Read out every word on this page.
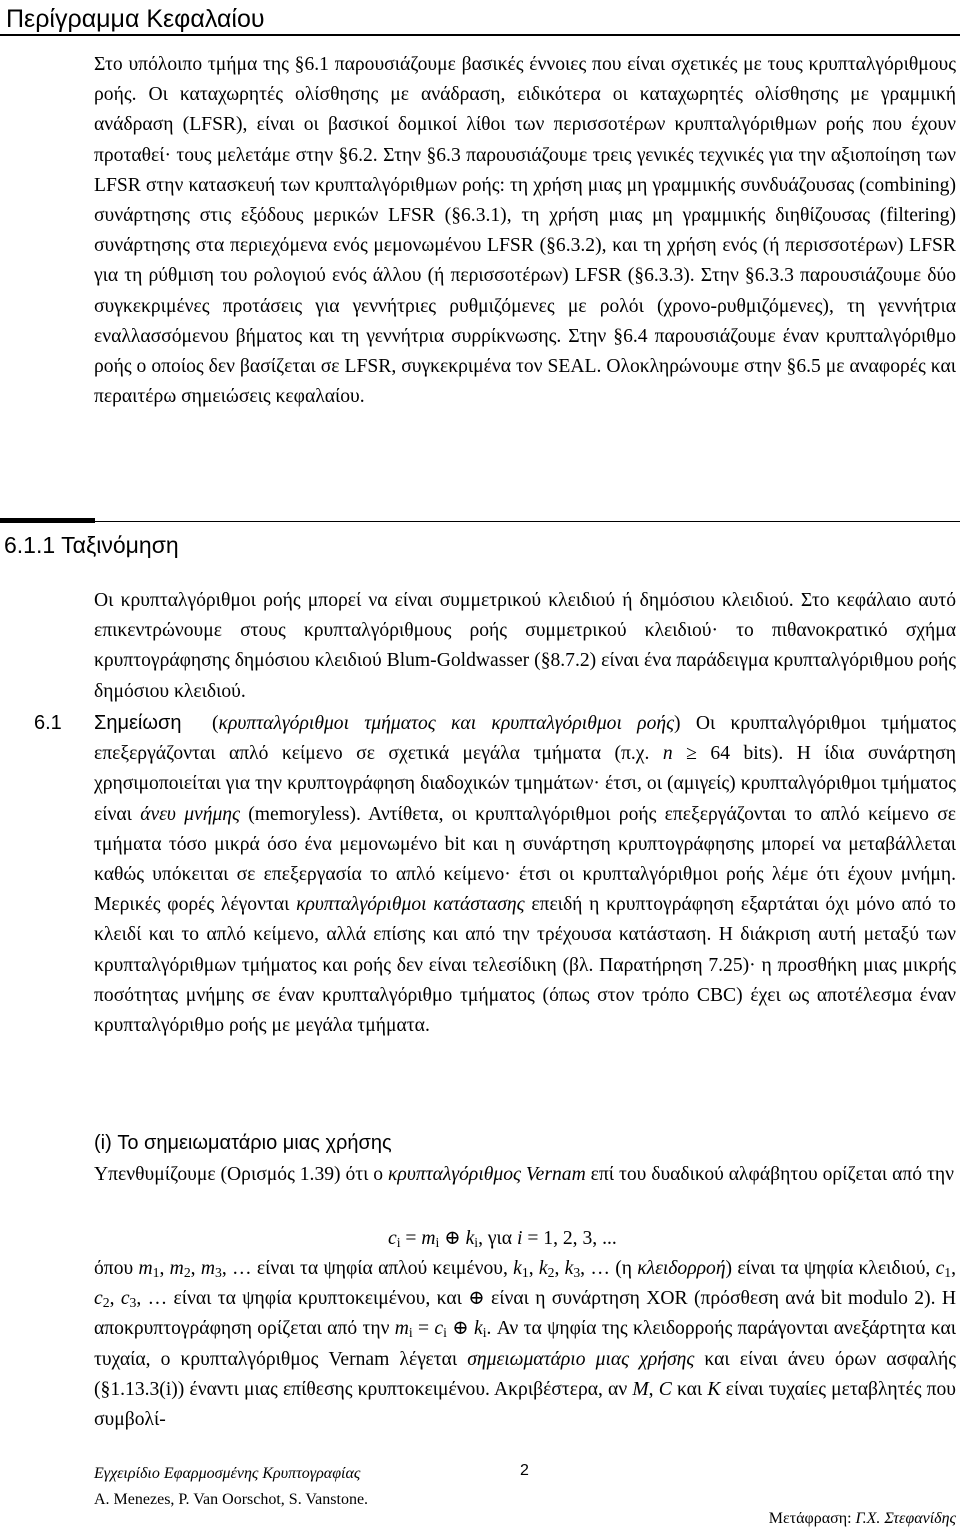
Περίγραμμα Κεφαλαίου
Στο υπόλοιπο τμήμα της §6.1 παρουσιάζουμε βασικές έννοιες που είναι σχετικές με τους κρυπταλγόριθμους ροής. Οι καταχωρητές ολίσθησης με ανάδραση, ειδικότερα οι καταχωρητές ολίσθησης με γραμμική ανάδραση (LFSR), είναι οι βασικοί δομικοί λίθοι των περισσοτέρων κρυπταλγόριθμων ροής που έχουν προταθεί· τους μελετάμε στην §6.2. Στην §6.3 παρουσιάζουμε τρεις γενικές τεχνικές για την αξιοποίηση των LFSR στην κατασκευή των κρυπταλγόριθμων ροής: τη χρήση μιας μη γραμμικής συνδυάζουσας (combining) συνάρτησης στις εξόδους μερικών LFSR (§6.3.1), τη χρήση μιας μη γραμμικής διηθίζουσας (filtering) συνάρτησης στα περιεχόμενα ενός μεμονωμένου LFSR (§6.3.2), και τη χρήση ενός (ή περισσοτέρων) LFSR για τη ρύθμιση του ρολογιού ενός άλλου (ή περισσοτέρων) LFSR (§6.3.3). Στην §6.3.3 παρουσιάζουμε δύο συγκεκριμένες προτάσεις για γεννήτριες ρυθμιζόμενες με ρολόι (χρονο-ρυθμιζόμενες), τη γεννήτρια εναλλασσόμενου βήματος και τη γεννήτρια συρρίκνωσης. Στην §6.4 παρουσιάζουμε έναν κρυπταλγόριθμο ροής ο οποίος δεν βασίζεται σε LFSR, συγκεκριμένα τον SEAL. Ολοκληρώνουμε στην §6.5 με αναφορές και περαιτέρω σημειώσεις κεφαλαίου.
6.1.1 Ταξινόμηση
Οι κρυπταλγόριθμοι ροής μπορεί να είναι συμμετρικού κλειδιού ή δημόσιου κλειδιού. Στο κεφάλαιο αυτό επικεντρώνουμε στους κρυπταλγόριθμους ροής συμμετρικού κλειδιού· το πιθανοκρατικό σχήμα κρυπτογράφησης δημόσιου κλειδιού Blum-Goldwasser (§8.7.2) είναι ένα παράδειγμα κρυπταλγόριθμου ροής δημόσιου κλειδιού.
6.1 Σημείωση (κρυπταλγόριθμοι τμήματος και κρυπταλγόριθμοι ροής) Οι κρυπταλγόριθμοι τμήματος επεξεργάζονται απλό κείμενο σε σχετικά μεγάλα τμήματα (π.χ. n ≥ 64 bits). Η ίδια συνάρτηση χρησιμοποιείται για την κρυπτογράφηση διαδοχικών τμημάτων· έτσι, οι (αμιγείς) κρυπταλγόριθμοι τμήματος είναι άνευ μνήμης (memoryless). Αντίθετα, οι κρυπταλγόριθμοι ροής επεξεργάζονται το απλό κείμενο σε τμήματα τόσο μικρά όσο ένα μεμονωμένο bit και η συνάρτηση κρυπτογράφησης μπορεί να μεταβάλλεται καθώς υπόκειται σε επεξεργασία το απλό κείμενο· έτσι οι κρυπταλγόριθμοι ροής λέμε ότι έχουν μνήμη. Μερικές φορές λέγονται κρυπταλγόριθμοι κατάστασης επειδή η κρυπτογράφηση εξαρτάται όχι μόνο από το κλειδί και το απλό κείμενο, αλλά επίσης και από την τρέχουσα κατάσταση. Η διάκριση αυτή μεταξύ των κρυπταλγόριθμων τμήματος και ροής δεν είναι τελεσίδικη (βλ. Παρατήρηση 7.25)· η προσθήκη μιας μικρής ποσότητας μνήμης σε έναν κρυπταλγόριθμο τμήματος (όπως στον τρόπο CBC) έχει ως αποτέλεσμα έναν κρυπταλγόριθμο ροής με μεγάλα τμήματα.
(i) Το σημειωματάριο μιας χρήσης
Υπενθυμίζουμε (Ορισμός 1.39) ότι ο κρυπταλγόριθμος Vernam επί του δυαδικού αλφάβητου ορίζεται από την
$c_i = m_i$ ⊕ $k_i$, για i = 1, 2, 3, ...
όπου $m_1$, $m_2$, $m_3$, … είναι τα ψηφία απλού κειμένου, $k_1$, $k_2$, $k_3$, … (η κλειδορροή) είναι τα ψηφία κλειδιού, $c_1$, $c_2$, $c_3$, … είναι τα ψηφία κρυπτοκειμένου, και ⊕ είναι η συνάρτηση XOR (πρόσθεση ανά bit modulo 2). Η αποκρυπτογράφηση ορίζεται από την $m_i = c_i$ ⊕ $k_i$. Αν τα ψηφία της κλειδορροής παράγονται ανεξάρτητα και τυχαία, ο κρυπταλγόριθμος Vernam λέγεται σημειωματάριο μιας χρήσης και είναι άνευ όρων ασφαλής (§1.13.3(i)) έναντι μιας επίθεσης κρυπτοκειμένου. Ακριβέστερα, αν M, C και K είναι τυχαίες μεταβλητές που συμβολί-
Εγχειρίδιο Εφαρμοσμένης Κρυπτογραφίας	2
A. Menezes, P. Van Oorschot, S. Vanstone.
Μετάφραση: Γ.Χ. Στεφανίδης
